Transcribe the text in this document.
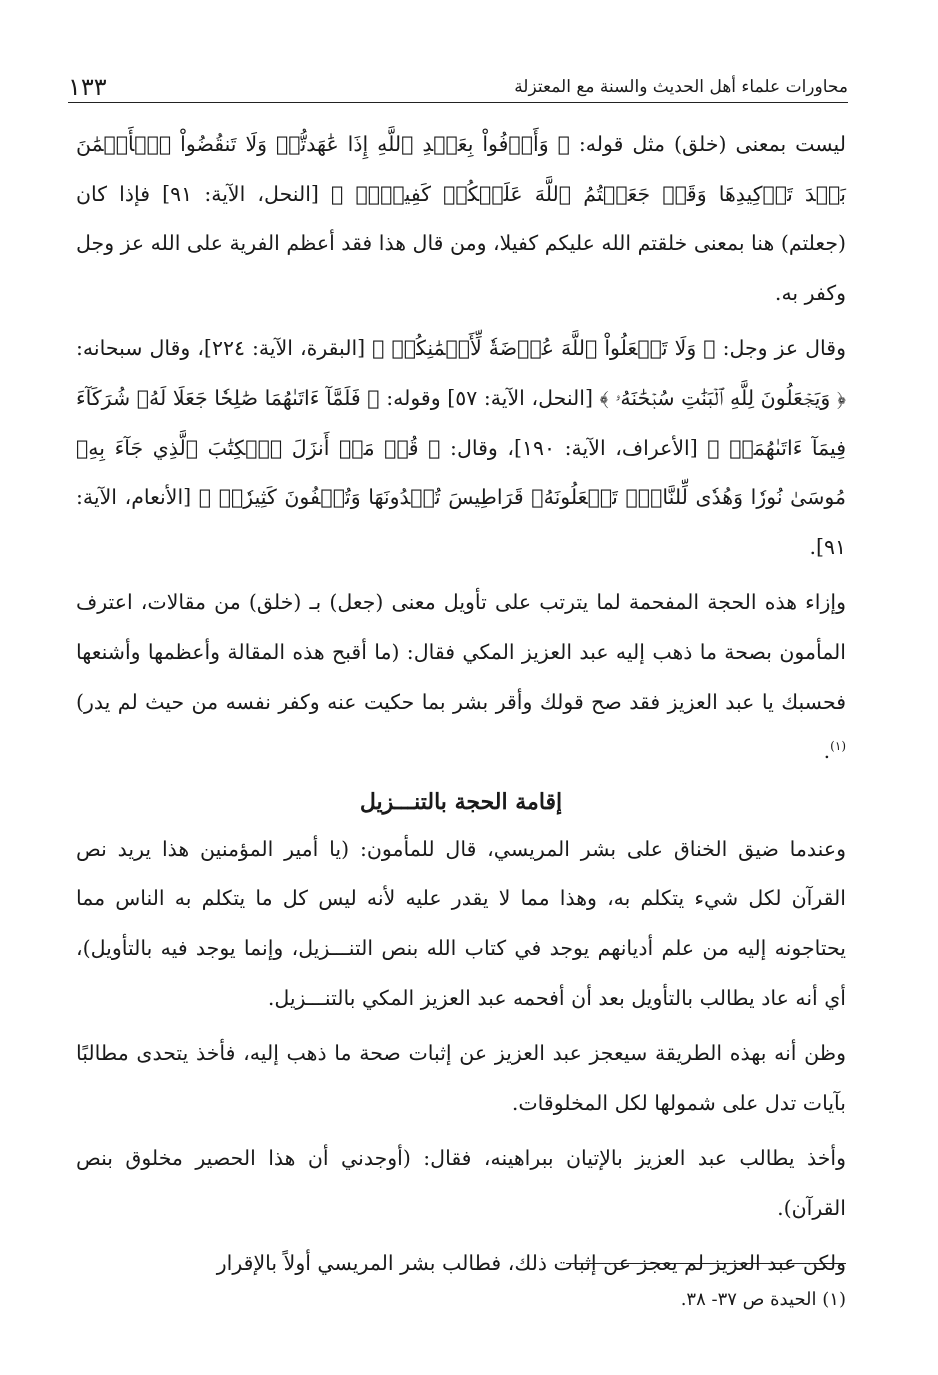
محاورات علماء أهل الحديث والسنة مع المعتزلة
١٣٣

ليست بمعنى (خلق) مثل قوله: ﴿ وَأَوۡفُواْ بِعَهۡدِ ٱللَّهِ إِذَا عَٰهَدتُّمۡ وَلَا تَنقُضُواْ ٱلۡأَيۡمَٰنَ بَعۡدَ تَوۡكِيدِهَا وَقَدۡ جَعَلۡتُمُ ٱللَّهَ عَلَيۡكُمۡ كَفِيلًاۚ ﴾ [النحل، الآية: ٩١] فإذا كان (جعلتم) هنا بمعنى خلقتم الله عليكم كفيلا، ومن قال هذا فقد أعظم الفرية على الله عز وجل وكفر به.

وقال عز وجل: ﴿ وَلَا تَجۡعَلُواْ ٱللَّهَ عُرۡضَةٗ لِّأَيۡمَٰنِكُمۡ ﴾ [البقرة، الآية: ٢٢٤]، وقال سبحانه: ﴿ وَيَجۡعَلُونَ لِلَّهِ ٱلۡبَنَٰتِ سُبۡحَٰنَهُۥ ﴾ [النحل، الآية: ٥٧] وقوله: ﴿ فَلَمَّآ ءَاتَىٰهُمَا صَٰلِحٗا جَعَلَا لَهُۥ شُرَكَآءَ فِيمَآ ءَاتَىٰهُمَاۚ ﴾ [الأعراف، الآية: ١٩٠]، وقال: ﴿ قُلۡ مَنۡ أَنزَلَ ٱلۡكِتَٰبَ ٱلَّذِي جَآءَ بِهِۦ مُوسَىٰ نُورٗا وَهُدٗى لِّلنَّاسِۖ تَجۡعَلُونَهُۥ قَرَاطِيسَ تُبۡدُونَهَا وَتُخۡفُونَ كَثِيرٗاۖ ﴾ [الأنعام، الآية: ٩١].

وإزاء هذه الحجة المفحمة لما يترتب على تأويل معنى (جعل) بـ (خلق) من مقالات، اعترف المأمون بصحة ما ذهب إليه عبد العزيز المكي فقال: (ما أقبح هذه المقالة وأعظمها وأشنعها فحسبك يا عبد العزيز فقد صح قولك وأقر بشر بما حكيت عنه وكفر نفسه من حيث لم يدر)$^{(١)}$.

إقامة الحجة بالتنـــزيل

وعندما ضيق الخناق على بشر المريسي، قال للمأمون: (يا أمير المؤمنين هذا يريد نص القرآن لكل شيء يتكلم به، وهذا مما لا يقدر عليه لأنه ليس كل ما يتكلم به الناس مما يحتاجونه إليه من علم أديانهم يوجد في كتاب الله بنص التنـــزيل، وإنما يوجد فيه بالتأويل)، أي أنه عاد يطالب بالتأويل بعد أن أفحمه عبد العزيز المكي بالتنـــزيل.

وظن أنه بهذه الطريقة سيعجز عبد العزيز عن إثبات صحة ما ذهب إليه، فأخذ يتحدى مطالبًا بآيات تدل على شمولها لكل المخلوقات.

وأخذ يطالب عبد العزيز بالإتيان ببراهينه، فقال: (أوجدني أن هذا الحصير مخلوق بنص القرآن).

ولكن عبد العزيز لم يعجز عن إثبات ذلك، فطالب بشر المريسي أولاً بالإقرار

(١) الحيدة ص ٣٧- ٣٨.
